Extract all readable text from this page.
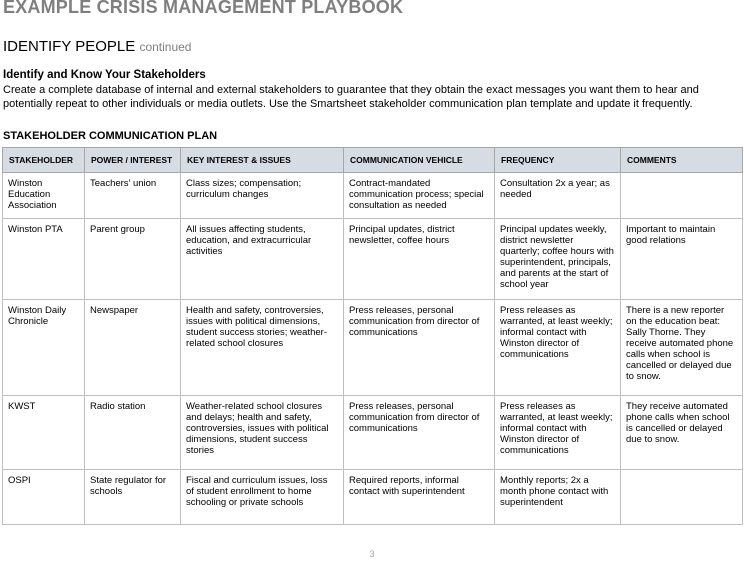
EXAMPLE CRISIS MANAGEMENT PLAYBOOK
IDENTIFY PEOPLE continued
Identify and Know Your Stakeholders
Create a complete database of internal and external stakeholders to guarantee that they obtain the exact messages you want them to hear and potentially repeat to other individuals or media outlets. Use the Smartsheet stakeholder communication plan template and update it frequently.
STAKEHOLDER COMMUNICATION PLAN
STAKEHOLDER	POWER / INTEREST	KEY INTEREST & ISSUES	COMMUNICATION VEHICLE	FREQUENCY	COMMENTS
Winston Education Association	Teachers’ union	Class sizes; compensation; curriculum changes	Contract-mandated communication process; special consultation as needed	Consultation 2x a year; as needed	
Winston PTA	Parent group	All issues affecting students, education, and extracurricular activities	Principal updates, district newsletter, coffee hours	Principal updates weekly, district newsletter quarterly; coffee hours with superintendent, principals, and parents at the start of school year	Important to maintain good relations
Winston Daily Chronicle	Newspaper	Health and safety, controversies, issues with political dimensions, student success stories; weather-related school closures	Press releases, personal communication from director of communications	Press releases as warranted, at least weekly; informal contact with Winston director of communications	There is a new reporter on the education beat: Sally Thorne. They receive automated phone calls when school is cancelled or delayed due to snow.
KWST	Radio station	Weather-related school closures and delays; health and safety, controversies, issues with political dimensions, student success stories	Press releases, personal communication from director of communications	Press releases as warranted, at least weekly; informal contact with Winston director of communications	They receive automated phone calls when school is cancelled or delayed due to snow.
OSPI	State regulator for schools	Fiscal and curriculum issues, loss of student enrollment to home schooling or private schools	Required reports, informal contact with superintendent	Monthly reports; 2x a month phone contact with superintendent	
3
